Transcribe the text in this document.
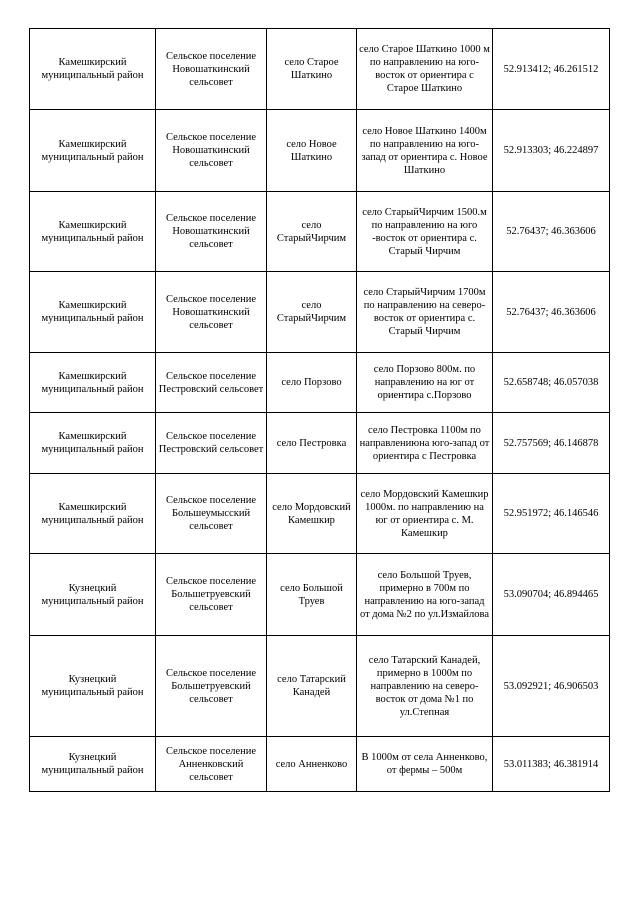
Камешкирский муниципальный район	Сельское поселение Новошаткинский сельсовет	село Старое Шаткино	село Старое Шаткино 1000 м по направлению на юго-восток от ориентира с Старое Шаткино	52.913412; 46.261512
Камешкирский муниципальный район	Сельское поселение Новошаткинский сельсовет	село Новое Шаткино	село Новое Шаткино 1400м по направлению на юго-запад от ориентира с. Новое Шаткино	52.913303; 46.224897
Камешкирский муниципальный район	Сельское поселение Новошаткинский сельсовет	село СтарыйЧирчим	село СтарыйЧирчим 1500.м по направлению на юго -восток от ориентира с. Старый Чирчим	52.76437; 46.363606
Камешкирский муниципальный район	Сельское поселение Новошаткинский сельсовет	село СтарыйЧирчим	село СтарыйЧирчим 1700м по направлению на северо- восток от ориентира с. Старый Чирчим	52.76437; 46.363606
Камешкирский муниципальный район	Сельское поселение Пестровский сельсовет	село Порзово	село Порзово 800м. по направлению на юг от ориентира с.Порзово	52.658748; 46.057038
Камешкирский муниципальный район	Сельское поселение Пестровский сельсовет	село Пестровка	село Пестровка 1100м по направлениюна юго-запад от ориентира с Пестровка	52.757569; 46.146878
Камешкирский муниципальный район	Сельское поселение Большеумысский сельсовет	село Мордовский Камешкир	село Мордовский Камешкир 1000м. по направлению на юг от ориентира с. М. Камешкир	52.951972; 46.146546
Кузнецкий муниципальный район	Сельское поселение Большетруевский сельсовет	село Большой Труев	село Большой Труев, примерно в 700м по направлению на юго-запад от дома №2 по ул.Измайлова	53.090704; 46.894465
Кузнецкий муниципальный район	Сельское поселение Большетруевский сельсовет	село Татарский Канадей	село Татарский Канадей, примерно в 1000м по направлению на северо-восток от дома №1 по ул.Степная	53.092921; 46.906503
Кузнецкий муниципальный район	Сельское поселение Анненковский сельсовет	село Анненково	В 1000м от села Анненково, от фермы – 500м	53.011383; 46.381914
